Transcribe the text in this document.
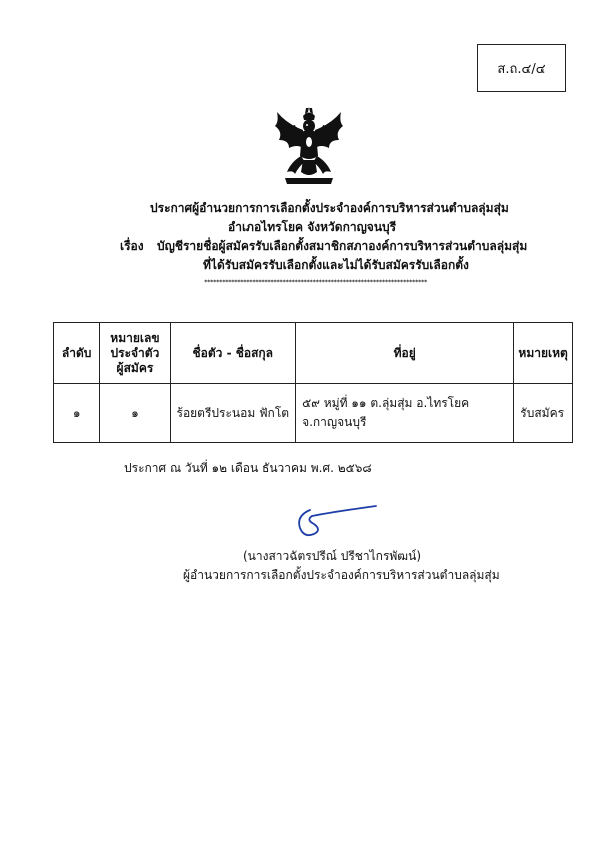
ส.ถ.๔/๔
ประกาศผู้อำนวยการการเลือกตั้งประจำองค์การบริหารส่วนตำบลลุ่มสุ่ม
อำเภอไทรโยค จังหวัดกาญจนบุรี
เรื่อง บัญชีรายชื่อผู้สมัครรับเลือกตั้งสมาชิกสภาองค์การบริหารส่วนตำบลลุ่มสุ่ม
ที่ได้รับสมัครรับเลือกตั้งและไม่ได้รับสมัครรับเลือกตั้ง
**************************************************************************
ลำดับ	หมายเลข
ประจำตัว
ผู้สมัคร	ชื่อตัว - ชื่อสกุล	ที่อยู่	หมายเหตุ
๑	๑	ร้อยตรีประนอม ฟักโต	๕๙ หมู่ที่ ๑๑ ต.ลุ่มสุ่ม อ.ไทรโยค จ.กาญจนบุรี	รับสมัคร
ประกาศ ณ วันที่ ๑๒ เดือน ธันวาคม พ.ศ. ๒๕๖๘
(นางสาวฉัตรปรีณ์ ปรีชาไกรพัฒน์)
ผู้อำนวยการการเลือกตั้งประจำองค์การบริหารส่วนตำบลลุ่มสุ่ม
